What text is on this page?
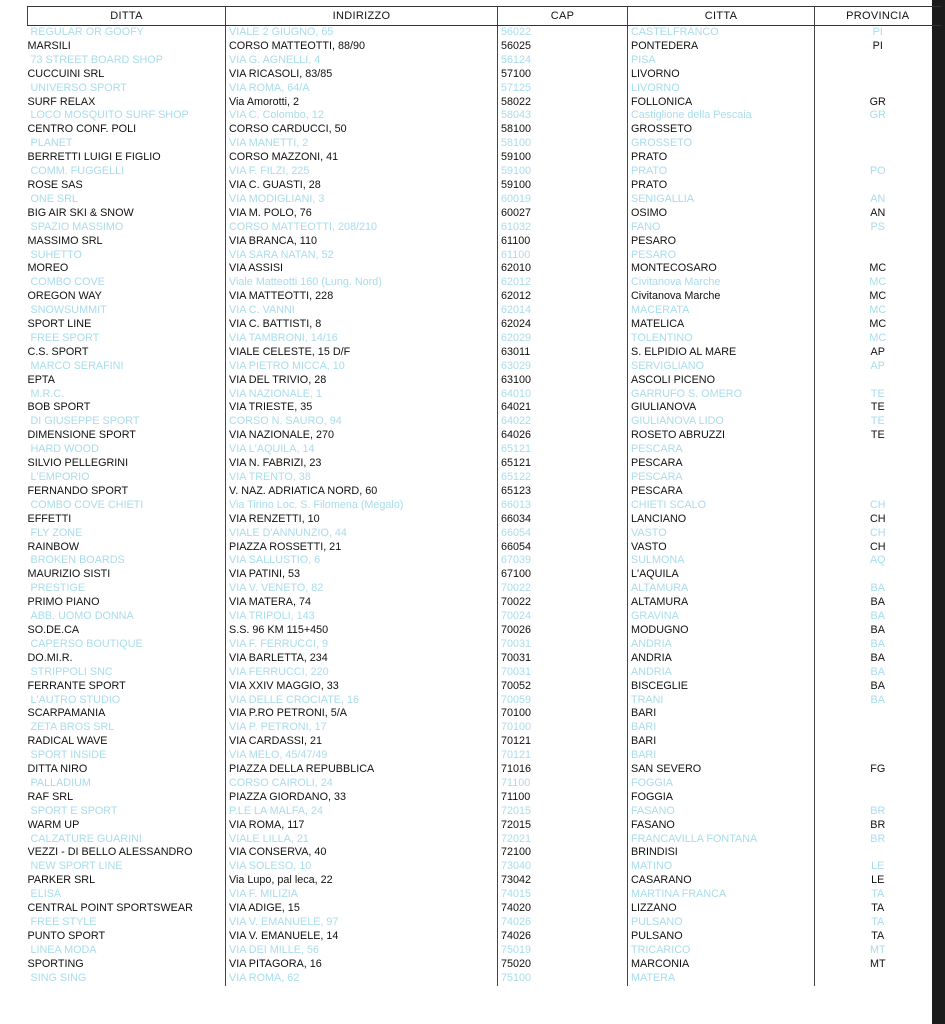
DITTA	INDIRIZZO	CAP	CITTA	PROVINCIA
REGULAR OR GOOFY	VIALE 2 GIUGNO, 65	56022	CASTELFRANCO	PI
MARSILI	CORSO MATTEOTTI, 88/90	56025	PONTEDERA	PI
73 STREET BOARD SHOP	VIA G. AGNELLI, 4	56124	PISA	
CUCCUINI SRL	VIA RICASOLI, 83/85	57100	LIVORNO	
UNIVERSO SPORT	VIA ROMA, 64/A	57125	LIVORNO	
SURF RELAX	Via Amorotti, 2	58022	FOLLONICA	GR
LOCO MOSQUITO SURF SHOP	VIA C. Colombo, 12	58043	Castiglione della Pescaia	GR
CENTRO CONF. POLI	CORSO CARDUCCI, 50	58100	GROSSETO	
PLANET	VIA MANETTI, 2	58100	GROSSETO	
BERRETTI LUIGI E FIGLIO	CORSO MAZZONI, 41	59100	PRATO	
COMM. FUGGELLI	VIA F. FILZI, 225	59100	PRATO	PO
ROSE SAS	VIA C. GUASTI, 28	59100	PRATO	
ONE SRL	VIA MODIGLIANI, 3	60019	SENIGALLIA	AN
BIG AIR SKI & SNOW	VIA M. POLO, 76	60027	OSIMO	AN
SPAZIO MASSIMO	CORSO MATTEOTTI, 208/210	61032	FANO	PS
MASSIMO SRL	VIA BRANCA, 110	61100	PESARO	
SUHETTO	VIA SARA NATAN, 52	61100	PESARO	
MOREO	VIA ASSISI	62010	MONTECOSARO	MC
COMBO COVE	Viale Matteotti 160 (Lung. Nord)	62012	Civitanova Marche	MC
OREGON WAY	VIA MATTEOTTI, 228	62012	Civitanova Marche	MC
SNOWSUMMIT	VIA C. VANNI	62014	MACERATA	MC
SPORT LINE	VIA C. BATTISTI, 8	62024	MATELICA	MC
FREE SPORT	VIA TAMBRONI, 14/16	62029	TOLENTINO	MC
C.S. SPORT	VIALE CELESTE, 15 D/F	63011	S. ELPIDIO AL MARE	AP
MARCO SERAFINI	VIA PIETRO MICCA, 10	63029	SERVIGLIANO	AP
EPTA	VIA DEL TRIVIO, 28	63100	ASCOLI PICENO	
M.R.C.	VIA NAZIONALE, 1	64010	GARRUFO S. OMERO	TE
BOB SPORT	VIA TRIESTE, 35	64021	GIULIANOVA	TE
DI GIUSEPPE SPORT	CORSO N. SAURO, 94	64022	GIULIANOVA LIDO	TE
DIMENSIONE SPORT	VIA NAZIONALE, 270	64026	ROSETO ABRUZZI	TE
HARD WOOD	VIA L'AQUILA, 14	65121	PESCARA	
SILVIO PELLEGRINI	VIA N. FABRIZI, 23	65121	PESCARA	
L'EMPORIO	VIA TRENTO, 38	65122	PESCARA	
FERNANDO SPORT	V. NAZ. ADRIATICA NORD, 60	65123	PESCARA	
COMBO COVE CHIETI	Via Tirino Loc. S. Filomena (Megalo)	66013	CHIETI SCALO	CH
EFFETTI	VIA RENZETTI, 10	66034	LANCIANO	CH
FLY ZONE	VIALE D'ANNUNZIO, 44	66054	VASTO	CH
RAINBOW	PIAZZA ROSSETTI, 21	66054	VASTO	CH
BROKEN BOARDS	VIA SALLUSTIO, 6	67039	SULMONA	AQ
MAURIZIO SISTI	VIA PATINI, 53	67100	L'AQUILA	
PRESTIGE	VIA V. VENETO, 82	70022	ALTAMURA	BA
PRIMO PIANO	VIA MATERA, 74	70022	ALTAMURA	BA
ABB. UOMO DONNA	VIA TRIPOLI, 143	70024	GRAVINA	BA
SO.DE.CA	S.S. 96 KM 115+450	70026	MODUGNO	BA
CAPERSO BOUTIQUE	VIA F. FERRUCCI, 9	70031	ANDRIA	BA
DO.MI.R.	VIA BARLETTA, 234	70031	ANDRIA	BA
STRIPPOLI SNC	VIA FERRUCCI, 220	70031	ANDRIA	BA
FERRANTE SPORT	VIA XXIV MAGGIO, 33	70052	BISCEGLIE	BA
L'AUTRO STUDIO	VIA DELLE CROCIATE, 16	70059	TRANI	BA
SCARPAMANIA	VIA P.RO PETRONI, 5/A	70100	BARI	
ZETA BROS SRL	VIA P. PETRONI, 17	70100	BARI	
RADICAL WAVE	VIA CARDASSI, 21	70121	BARI	
SPORT INSIDE	VIA MELO, 45/47/49	70121	BARI	
DITTA NIRO	PIAZZA DELLA REPUBBLICA	71016	SAN SEVERO	FG
PALLADIUM	CORSO CAIROLI, 24	71100	FOGGIA	
RAF SRL	PIAZZA GIORDANO, 33	71100	FOGGIA	
SPORT E SPORT	P.LE LA MALFA, 24	72015	FASANO	BR
WARM UP	VIA ROMA, 117	72015	FASANO	BR
CALZATURE GUARINI	VIALE LILLA, 21	72021	FRANCAVILLA FONTANA	BR
VEZZI - DI BELLO ALESSANDRO	VIA CONSERVA, 40	72100	BRINDISI	
NEW SPORT LINE	VIA SOLESO, 10	73040	MATINO	LE
PARKER SRL	Via Lupo, pal leca, 22	73042	CASARANO	LE
ELISA	VIA F. MILIZIA	74015	MARTINA FRANCA	TA
CENTRAL POINT SPORTSWEAR	VIA ADIGE, 15	74020	LIZZANO	TA
FREE STYLE	VIA V. EMANUELE, 97	74026	PULSANO	TA
PUNTO SPORT	VIA V. EMANUELE, 14	74026	PULSANO	TA
LINEA MODA	VIA DEI MILLE, 56	75019	TRICARICO	MT
SPORTING	VIA PITAGORA, 16	75020	MARCONIA	MT
SING SING	VIA ROMA, 62	75100	MATERA	
